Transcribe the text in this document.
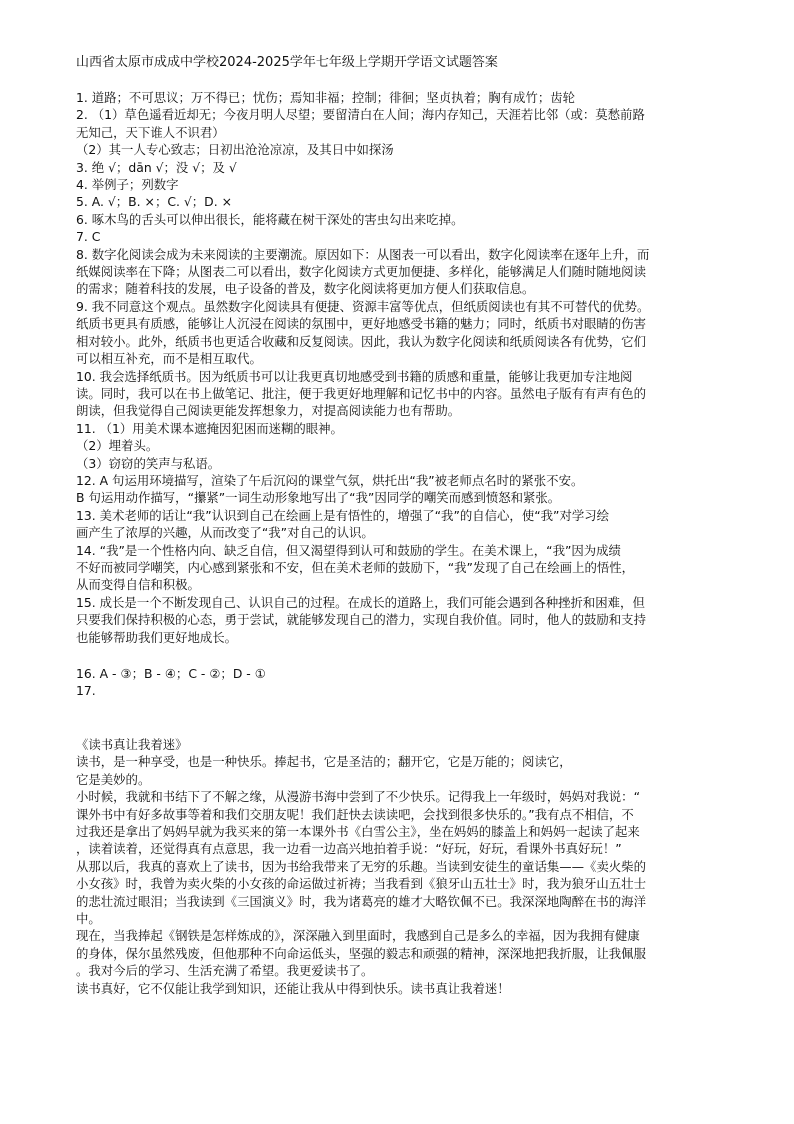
山西省太原市成成中学校2024-2025学年七年级上学期开学语文试题答案

1. 道路；不可思议；万不得已；忧伤；焉知非福；控制；徘徊；坚贞执着；胸有成竹；齿轮

2. （1）草色遥看近却无；今夜月明人尽望；要留清白在人间；海内存知己，天涯若比邻（或：莫愁前路

无知己，天下谁人不识君）

（2）其一人专心致志；日初出沧沧凉凉，及其日中如探汤

3. 绝 √；dān √；没 √；及 √

4. 举例子；列数字

5. A. √；B. ×；C. √；D. ×

6. 啄木鸟的舌头可以伸出很长，能将藏在树干深处的害虫勾出来吃掉。

7. C

8. 数字化阅读会成为未来阅读的主要潮流。原因如下：从图表一可以看出，数字化阅读率在逐年上升，而

纸媒阅读率在下降；从图表二可以看出，数字化阅读方式更加便捷、多样化，能够满足人们随时随地阅读

的需求；随着科技的发展，电子设备的普及，数字化阅读将更加方便人们获取信息。

9. 我不同意这个观点。虽然数字化阅读具有便捷、资源丰富等优点，但纸质阅读也有其不可替代的优势。

纸质书更具有质感，能够让人沉浸在阅读的氛围中，更好地感受书籍的魅力；同时，纸质书对眼睛的伤害

相对较小。此外，纸质书也更适合收藏和反复阅读。因此，我认为数字化阅读和纸质阅读各有优势，它们

可以相互补充，而不是相互取代。

10. 我会选择纸质书。因为纸质书可以让我更真切地感受到书籍的质感和重量，能够让我更加专注地阅

读。同时，我可以在书上做笔记、批注，便于我更好地理解和记忆书中的内容。虽然电子版有有声有色的

朗读，但我觉得自己阅读更能发挥想象力，对提高阅读能力也有帮助。

11. （1）用美术课本遮掩因犯困而迷糊的眼神。

（2）埋着头。

（3）窃窃的笑声与私语。

12. A 句运用环境描写，渲染了午后沉闷的课堂气氛，烘托出“我”被老师点名时的紧张不安。

B 句运用动作描写，“攥紧”一词生动形象地写出了“我”因同学的嘲笑而感到愤怒和紧张。

13. 美术老师的话让“我”认识到自己在绘画上是有悟性的，增强了“我”的自信心，使“我”对学习绘

画产生了浓厚的兴趣，从而改变了“我”对自己的认识。

14. “我”是一个性格内向、缺乏自信，但又渴望得到认可和鼓励的学生。在美术课上，“我”因为成绩

不好而被同学嘲笑，内心感到紧张和不安，但在美术老师的鼓励下，“我”发现了自己在绘画上的悟性，

从而变得自信和积极。

15. 成长是一个不断发现自己、认识自己的过程。在成长的道路上，我们可能会遇到各种挫折和困难，但

只要我们保持积极的心态，勇于尝试，就能够发现自己的潜力，实现自我价值。同时，他人的鼓励和支持

也能够帮助我们更好地成长。

16. A - ③；B - ④；C - ②；D - ①

17.

《读书真让我着迷》

读书，是一种享受，也是一种快乐。捧起书，它是圣洁的；翻开它，它是万能的；阅读它，

它是美妙的。

小时候，我就和书结下了不解之缘，从漫游书海中尝到了不少快乐。记得我上一年级时，妈妈对我说：“

课外书中有好多故事等着和我们交朋友呢！我们赶快去读读吧，会找到很多快乐的。”我有点不相信，不

过我还是拿出了妈妈早就为我买来的第一本课外书《白雪公主》，坐在妈妈的膝盖上和妈妈一起读了起来

，读着读着，还觉得真有点意思，我一边看一边高兴地拍着手说：“好玩，好玩，看课外书真好玩！”

从那以后，我真的喜欢上了读书，因为书给我带来了无穷的乐趣。当读到安徒生的童话集——《卖火柴的

小女孩》时，我曾为卖火柴的小女孩的命运做过祈祷；当我看到《狼牙山五壮士》时，我为狼牙山五壮士

的悲壮流过眼泪；当我读到《三国演义》时，我为诸葛亮的雄才大略钦佩不已。我深深地陶醉在书的海洋

中。

现在，当我捧起《钢铁是怎样炼成的》，深深融入到里面时，我感到自己是多么的幸福，因为我拥有健康

的身体，保尔虽然残废，但他那种不向命运低头，坚强的毅志和顽强的精神，深深地把我折服，让我佩服

。我对今后的学习、生活充满了希望。我更爱读书了。

读书真好，它不仅能让我学到知识，还能让我从中得到快乐。读书真让我着迷！
